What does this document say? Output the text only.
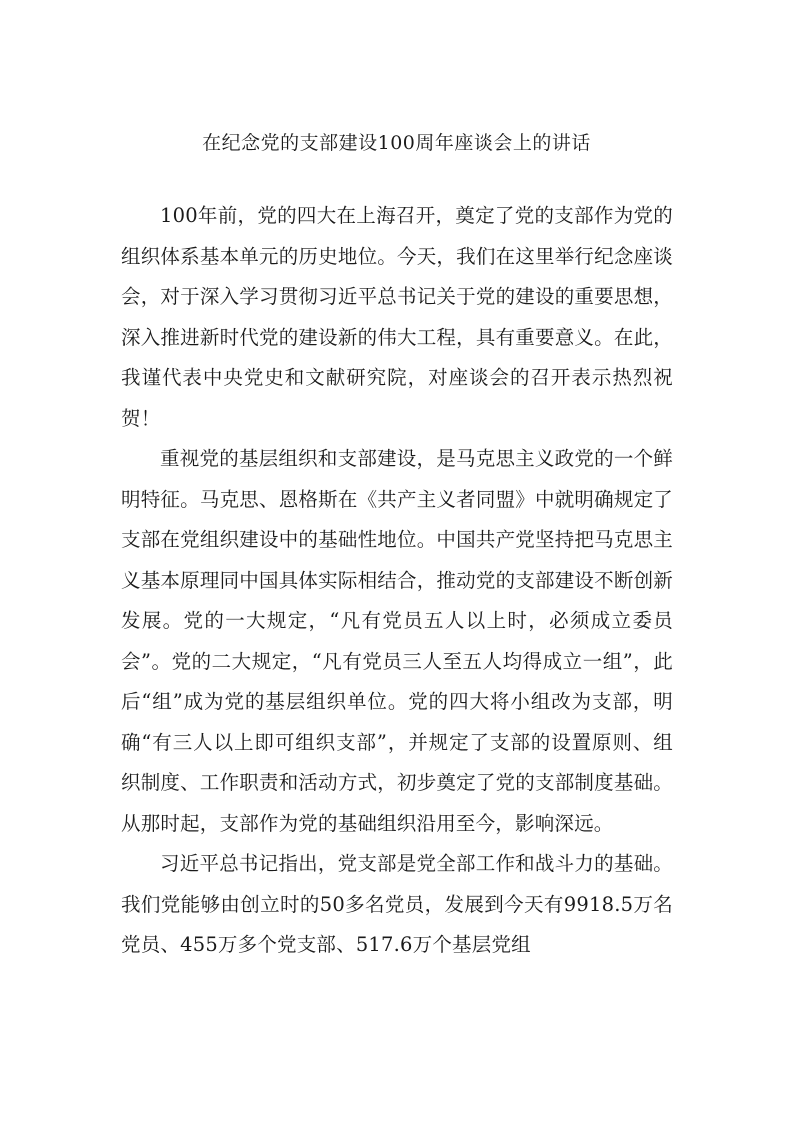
在纪念党的支部建设100周年座谈会上的讲话

100年前，党的四大在上海召开，奠定了党的支部作为党的组织体系基本单元的历史地位。今天，我们在这里举行纪念座谈会，对于深入学习贯彻习近平总书记关于党的建设的重要思想，深入推进新时代党的建设新的伟大工程，具有重要意义。在此，我谨代表中央党史和文献研究院，对座谈会的召开表示热烈祝贺！

重视党的基层组织和支部建设，是马克思主义政党的一个鲜明特征。马克思、恩格斯在《共产主义者同盟》中就明确规定了支部在党组织建设中的基础性地位。中国共产党坚持把马克思主义基本原理同中国具体实际相结合，推动党的支部建设不断创新发展。党的一大规定，“凡有党员五人以上时，必须成立委员会”。党的二大规定，“凡有党员三人至五人均得成立一组”，此后“组”成为党的基层组织单位。党的四大将小组改为支部，明确“有三人以上即可组织支部”，并规定了支部的设置原则、组织制度、工作职责和活动方式，初步奠定了党的支部制度基础。从那时起，支部作为党的基础组织沿用至今，影响深远。

习近平总书记指出，党支部是党全部工作和战斗力的基础。我们党能够由创立时的50多名党员，发展到今天有9918.5万名党员、455万多个党支部、517.6万个基层党组
